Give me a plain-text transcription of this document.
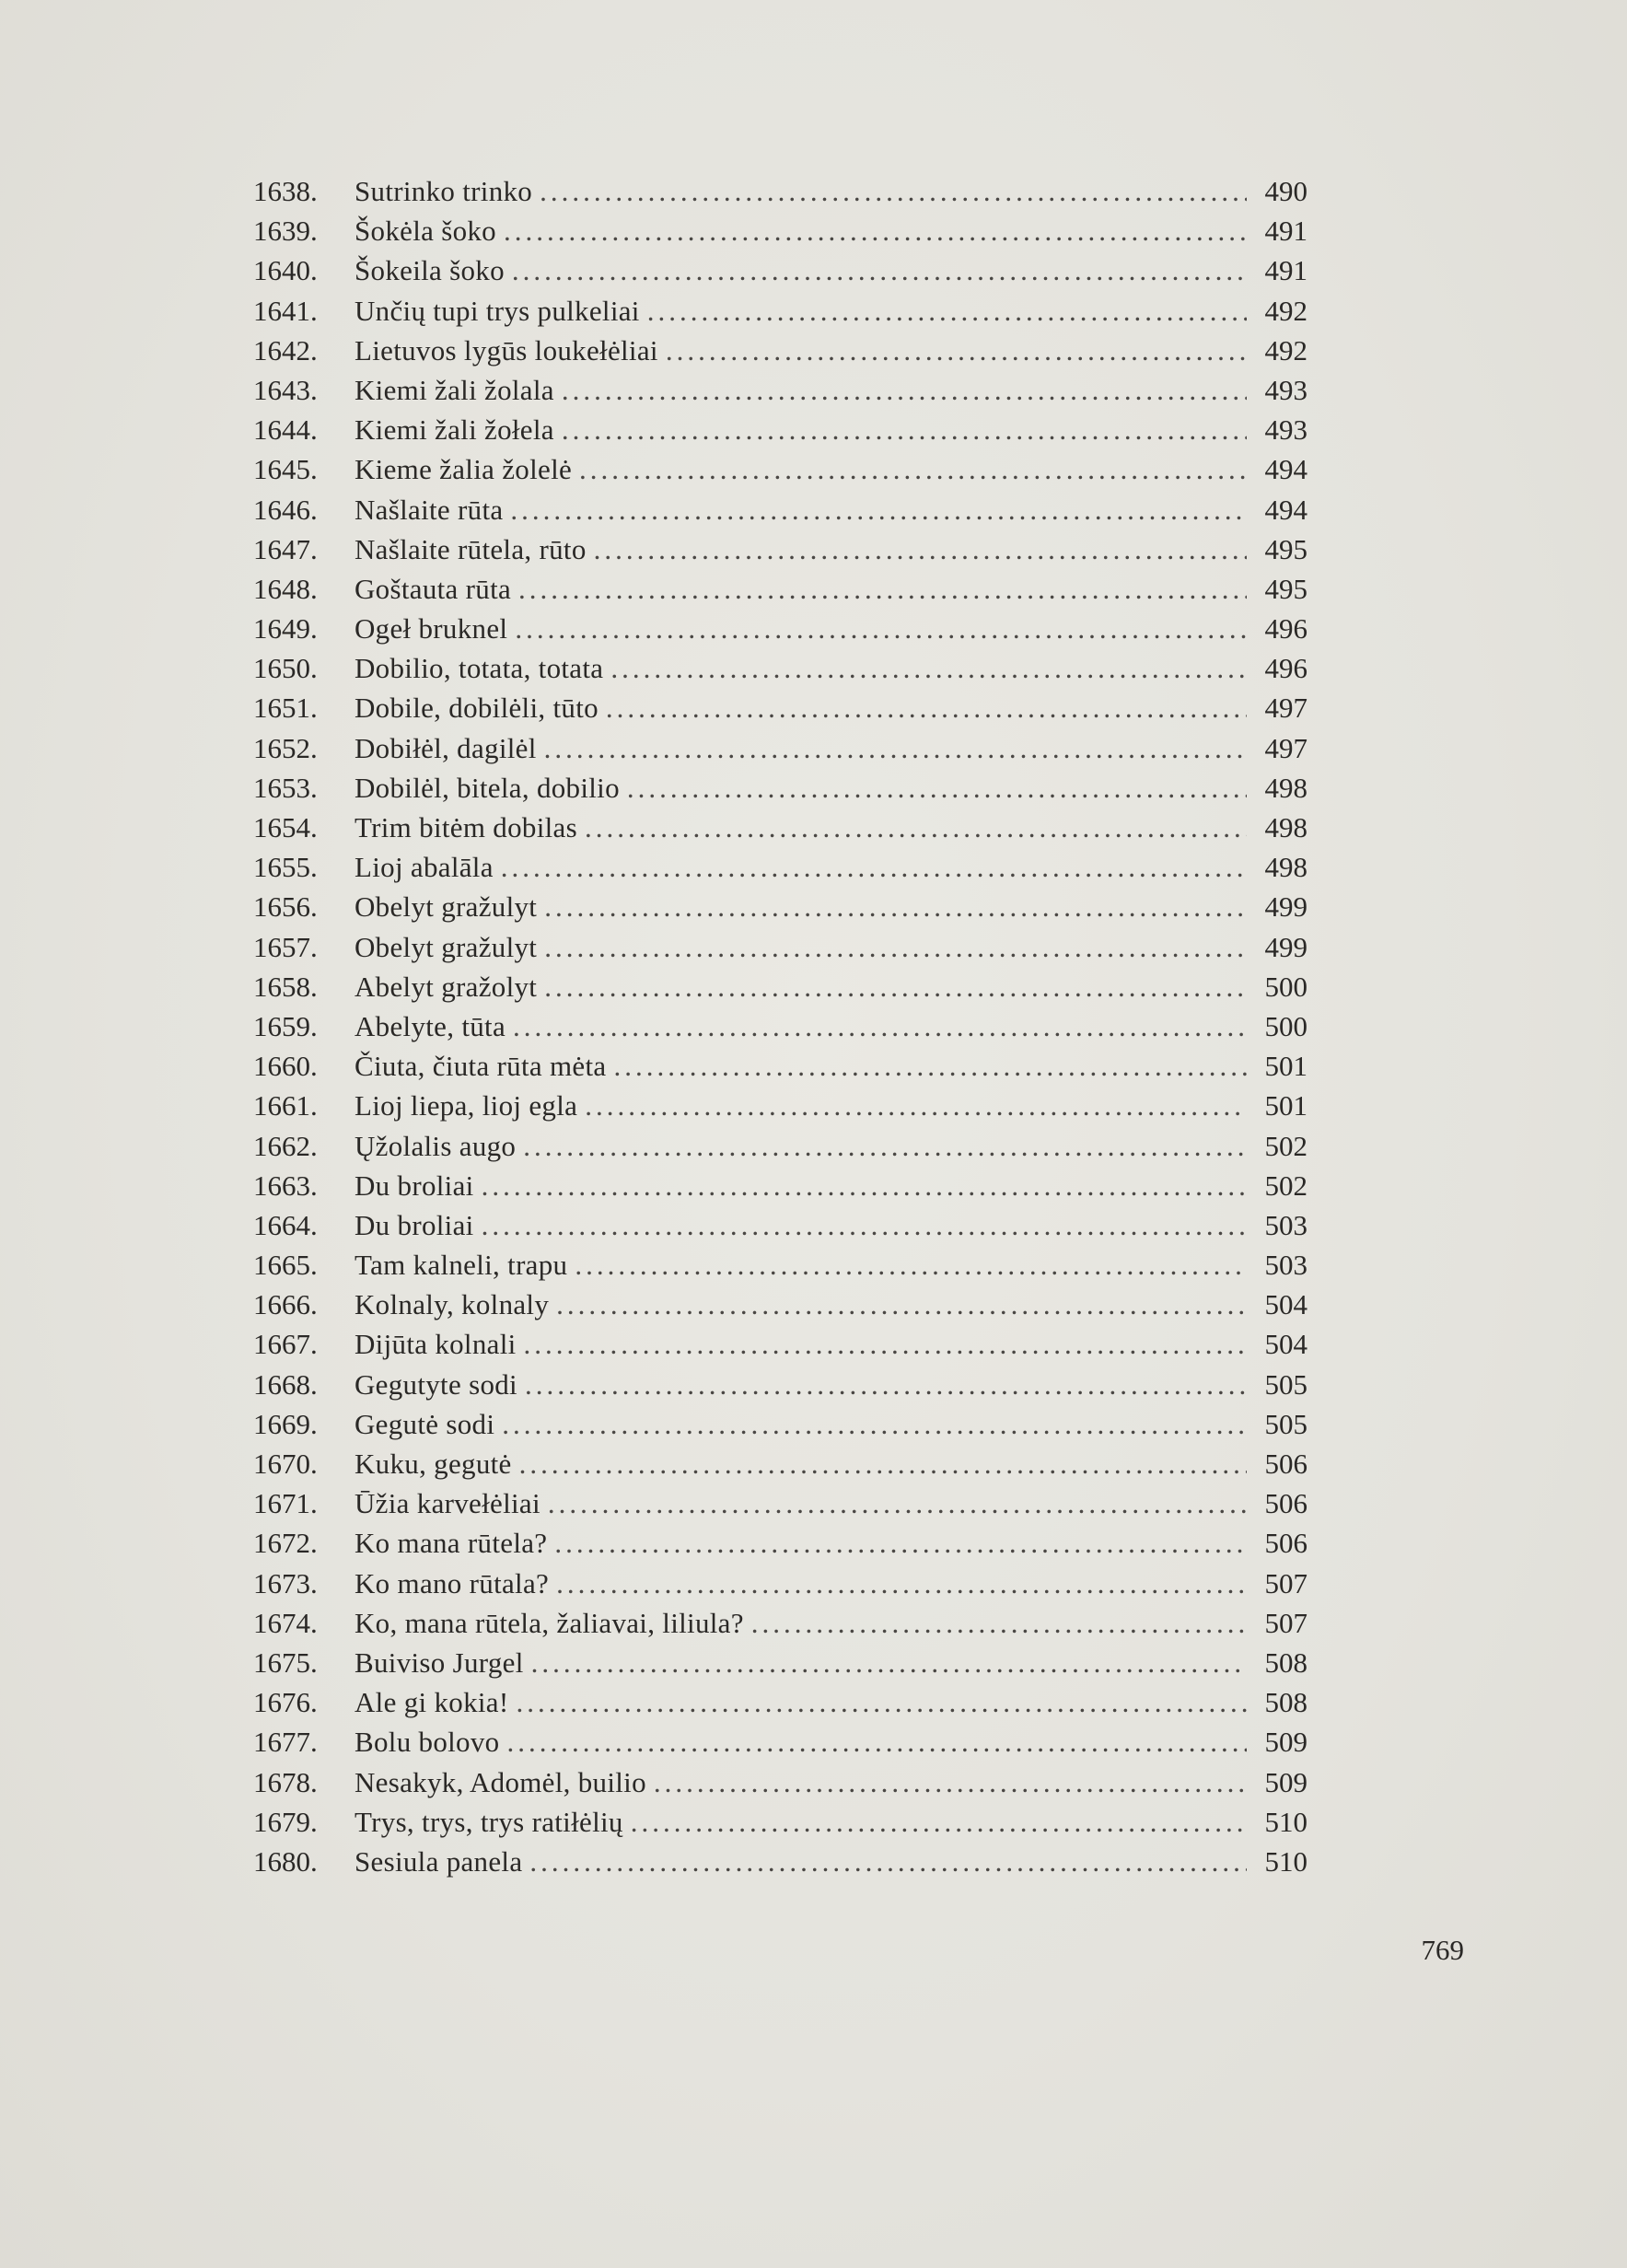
1638.	Sutrinko trinko .....	490
1639.	Šokėla šoko .....	491
1640.	Šokeila šoko .....	491
1641.	Unčių tupi trys pulkeliai .....	492
1642.	Lietuvos lygūs loukełėliai .....	492
1643.	Kiemi žali žolala .....	493
1644.	Kiemi žali žołela .....	493
1645.	Kieme žalia žolelė .....	494
1646.	Našlaite rūta .....	494
1647.	Našlaite rūtela, rūto .....	495
1648.	Goštauta rūta .....	495
1649.	Ogeł bruknel .....	496
1650.	Dobilio, totata, totata .....	496
1651.	Dobile, dobilėli, tūto .....	497
1652.	Dobiłėl, dagilėl .....	497
1653.	Dobilėl, bitela, dobilio .....	498
1654.	Trim bitėm dobilas .....	498
1655.	Lioj abalāla .....	498
1656.	Obelyt gražulyt .....	499
1657.	Obelyt gražulyt .....	499
1658.	Abelyt gražolyt .....	500
1659.	Abelyte, tūta .....	500
1660.	Čiuta, čiuta rūta mėta .....	501
1661.	Lioj liepa, lioj egla .....	501
1662.	Ųžolalis augo .....	502
1663.	Du broliai .....	502
1664.	Du broliai .....	503
1665.	Tam kalneli, trapu .....	503
1666.	Kolnaly, kolnaly .....	504
1667.	Dijūta kolnali .....	504
1668.	Gegutyte sodi .....	505
1669.	Gegutė sodi .....	505
1670.	Kuku, gegutė .....	506
1671.	Ūžia karvełėliai .....	506
1672.	Ko mana rūtela? .....	506
1673.	Ko mano rūtala? .....	507
1674.	Ko, mana rūtela, žaliavai, liliula? .....	507
1675.	Buiviso Jurgel .....	508
1676.	Ale gi kokia! .....	508
1677.	Bolu bolovo .....	509
1678.	Nesakyk, Adomėl, builio .....	509
1679.	Trys, trys, trys ratiłėlių .....	510
1680.	Sesiula panela .....	510
769
